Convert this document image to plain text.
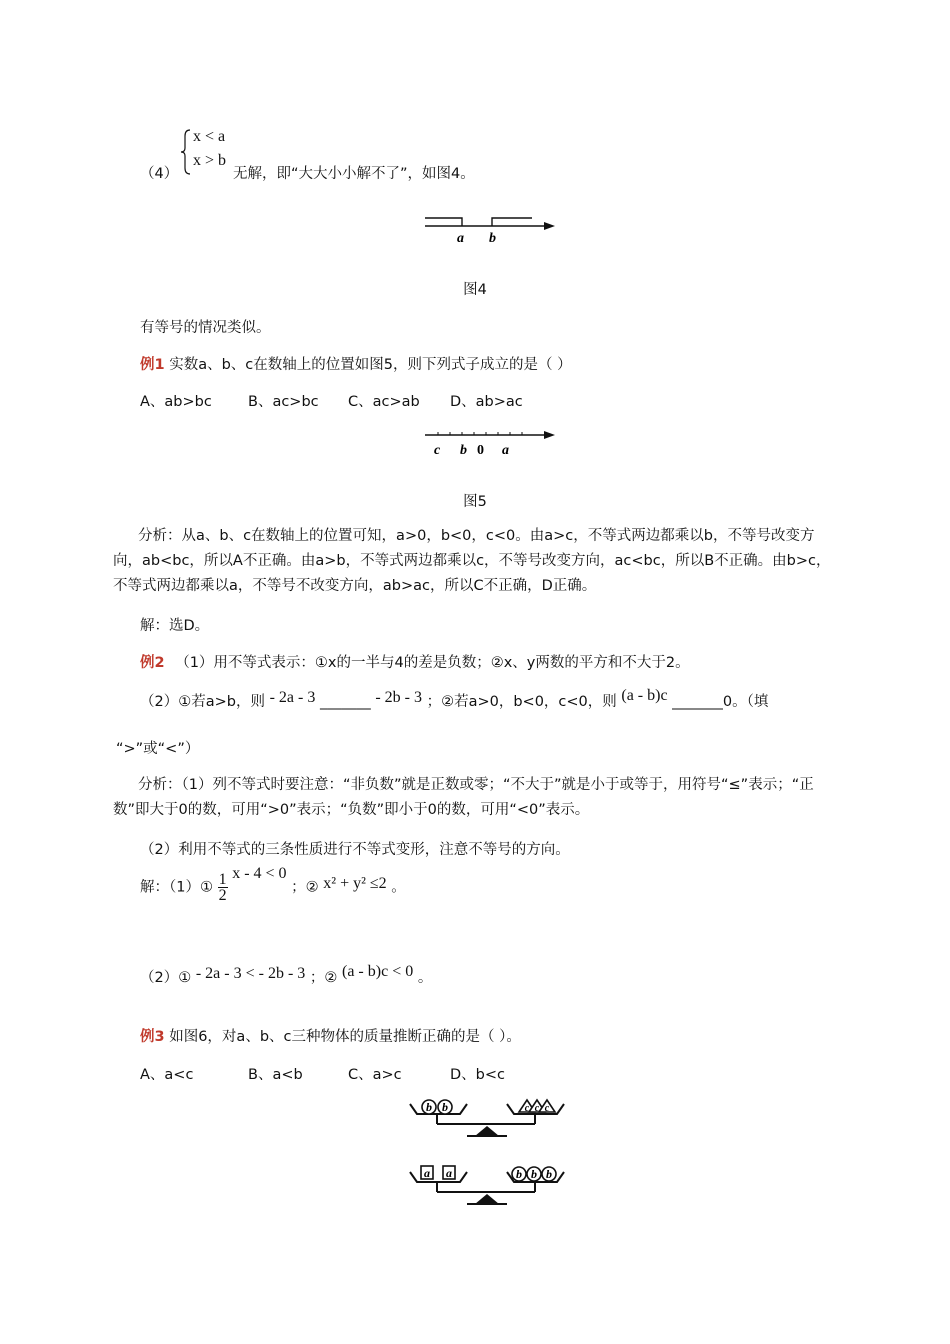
（4）
x < a
x > b
无解，即“大大小小解不了”，如图4。
a b
图4
有等号的情况类似。
例1 实数a、b、c在数轴上的位置如图5，则下列式子成立的是（ ）
A、ab>bc B、ac>bc C、ac>ab D、ab>ac
c b 0 a
图5
分析：从a、b、c在数轴上的位置可知，a>0，b<0，c<0。由a>c，不等式两边都乘以b，不等号改变方向，ab<bc，所以A不正确。由a>b，不等式两边都乘以c，不等号改变方向，ac<bc，所以B不正确。由b>c，不等式两边都乘以a，不等号不改变方向，ab>ac，所以C不正确，D正确。
解：选D。
例2 （1）用不等式表示：①x的一半与4的差是负数；②x、y两数的平方和不大于2。
（2）①若a>b，则 - 2a - 3 _______ - 2b - 3 ；②若a>0，b<0，c<0，则 (a - b)c _______0。（填
“>”或“<”）
分析：（1）列不等式时要注意：“非负数”就是正数或零；“不大于”就是小于或等于，用符号“≤”表示；“正数”即大于0的数，可用“>0”表示；“负数”即小于0的数，可用“<0”表示。
（2）利用不等式的三条性质进行不等式变形，注意不等号的方向。
解：（1）① $\frac{1}{2}$ x - 4 < 0 ；② x² + y² ≤2 。
（2）① - 2a - 3 < - 2b - 3 ；② (a - b)c < 0 。
例3 如图6，对a、b、c三种物体的质量推断正确的是（ ）。
A、a<c	B、a<b	C、a>c	D、b<c
b b	c c c
a a	b b b
